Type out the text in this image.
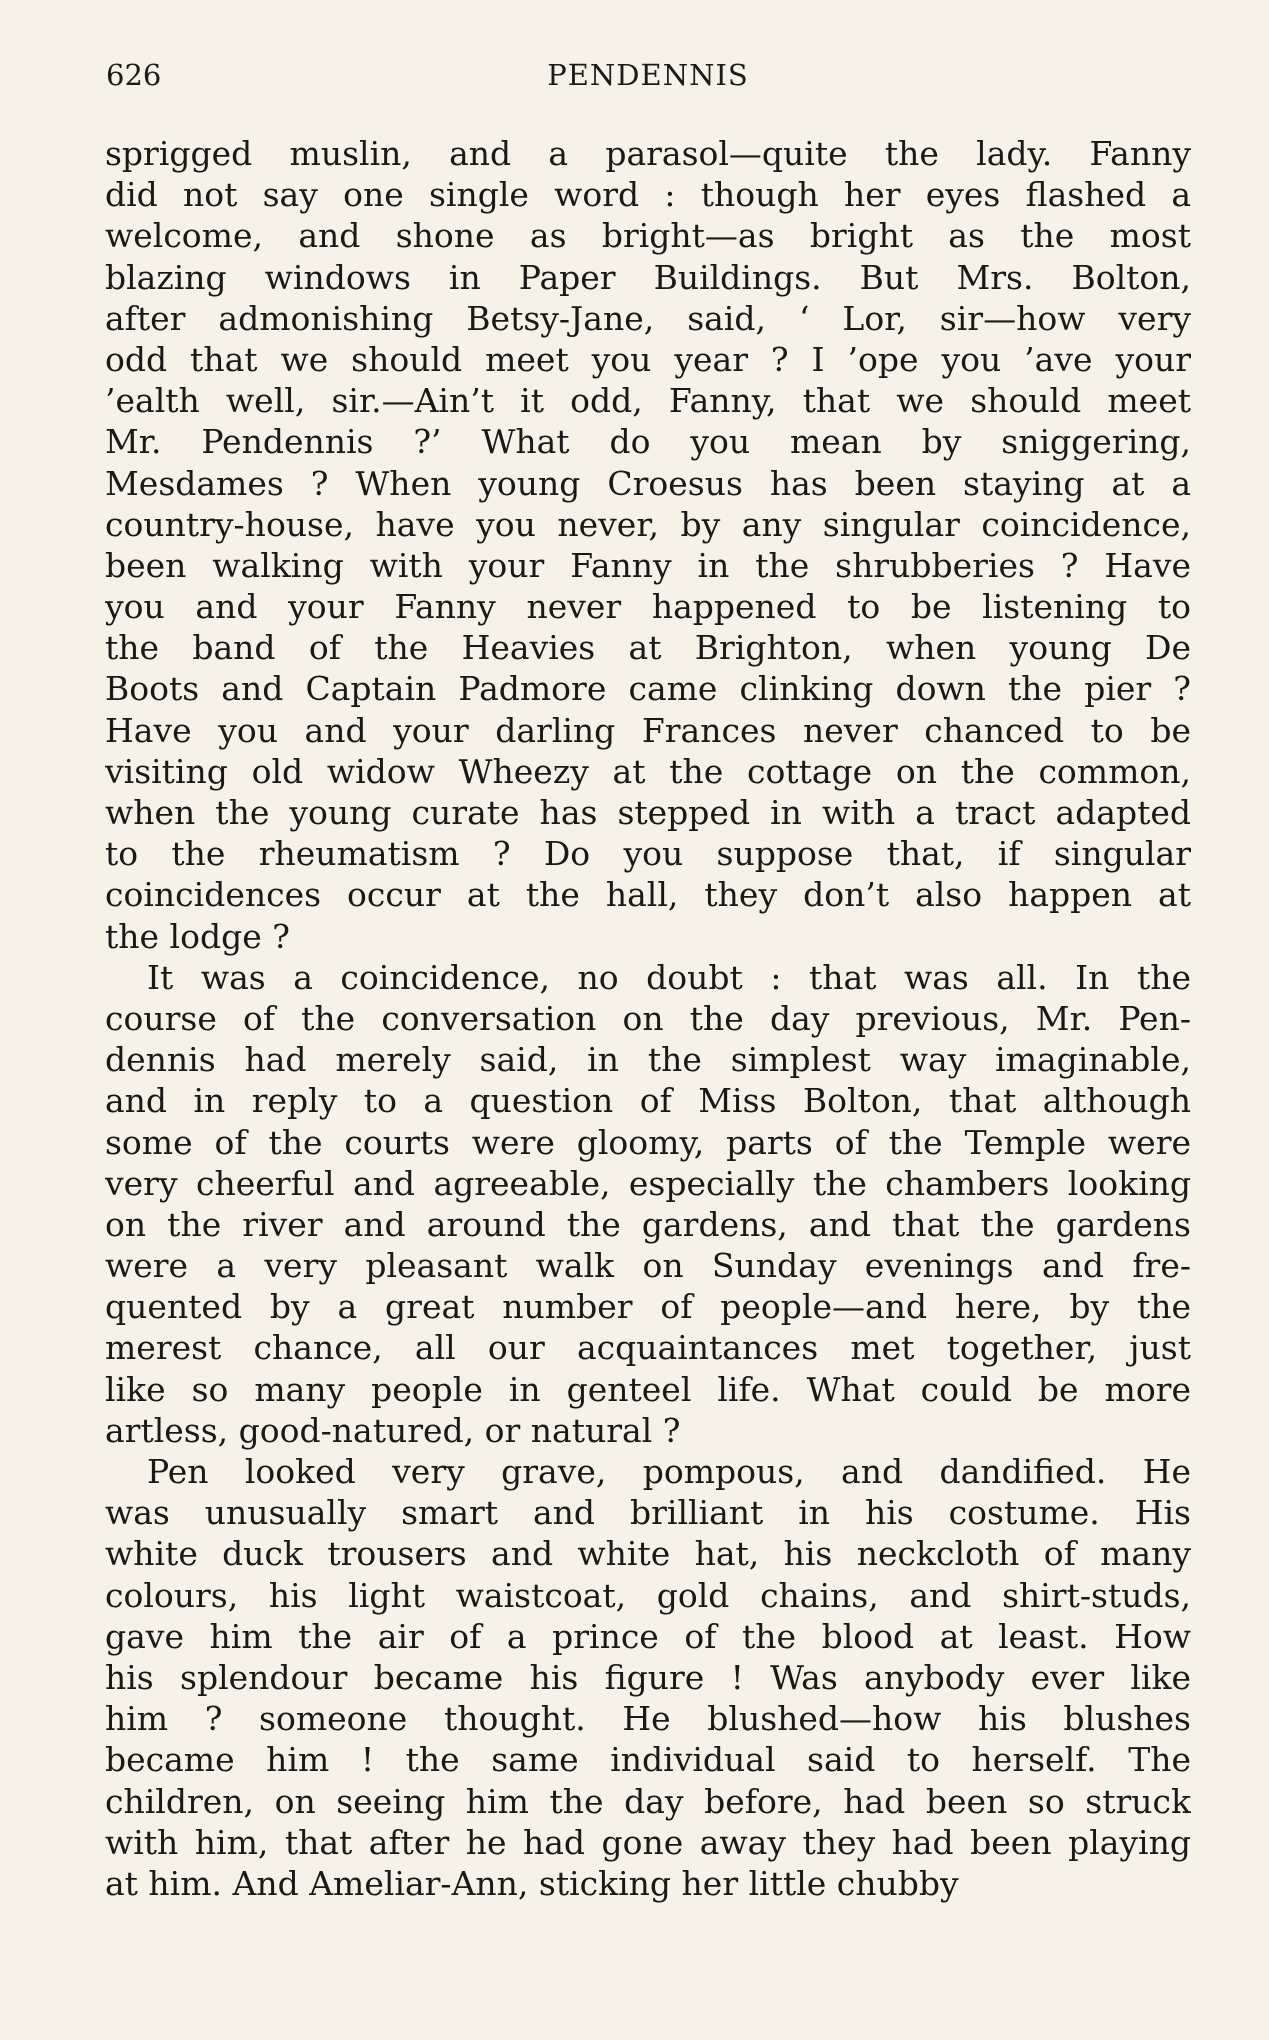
626	PENDENNIS
sprigged muslin, and a parasol—quite the lady. Fanny
did not say one single word : though her eyes flashed a
welcome, and shone as bright—as bright as the most
blazing windows in Paper Buildings. But Mrs. Bolton,
after admonishing Betsy-Jane, said, ‘ Lor, sir—how very
odd that we should meet you year ? I ’ope you ’ave your
’ealth well, sir.—Ain’t it odd, Fanny, that we should meet
Mr. Pendennis ?’ What do you mean by sniggering,
Mesdames ? When young Croesus has been staying at a
country-house, have you never, by any singular coincidence,
been walking with your Fanny in the shrubberies ? Have
you and your Fanny never happened to be listening to
the band of the Heavies at Brighton, when young De
Boots and Captain Padmore came clinking down the pier ?
Have you and your darling Frances never chanced to be
visiting old widow Wheezy at the cottage on the common,
when the young curate has stepped in with a tract adapted
to the rheumatism ? Do you suppose that, if singular
coincidences occur at the hall, they don’t also happen at
the lodge ?
It was a coincidence, no doubt : that was all. In the
course of the conversation on the day previous, Mr. Pen-
dennis had merely said, in the simplest way imaginable,
and in reply to a question of Miss Bolton, that although
some of the courts were gloomy, parts of the Temple were
very cheerful and agreeable, especially the chambers looking
on the river and around the gardens, and that the gardens
were a very pleasant walk on Sunday evenings and fre-
quented by a great number of people—and here, by the
merest chance, all our acquaintances met together, just
like so many people in genteel life. What could be more
artless, good-natured, or natural ?
Pen looked very grave, pompous, and dandified. He
was unusually smart and brilliant in his costume. His
white duck trousers and white hat, his neckcloth of many
colours, his light waistcoat, gold chains, and shirt-studs,
gave him the air of a prince of the blood at least. How
his splendour became his figure ! Was anybody ever like
him ? someone thought. He blushed—how his blushes
became him ! the same individual said to herself. The
children, on seeing him the day before, had been so struck
with him, that after he had gone away they had been playing
at him. And Ameliar-Ann, sticking her little chubby
